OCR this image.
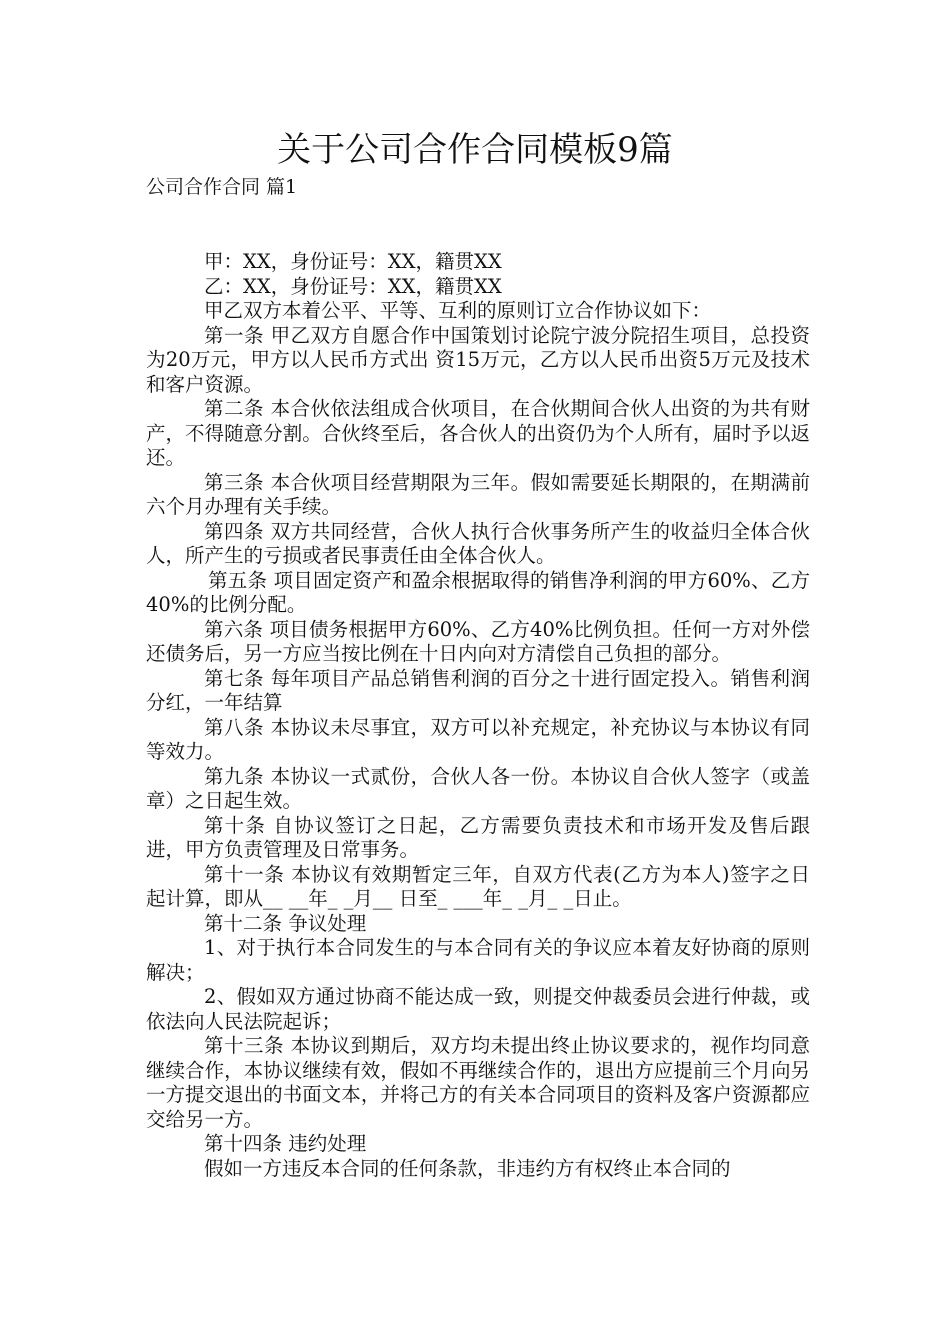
关于公司合作合同模板9篇
公司合作合同 篇1

甲：XX，身份证号：XX，籍贯XX

乙：XX，身份证号：XX，籍贯XX

甲乙双方本着公平、平等、互利的原则订立合作协议如下：

第一条 甲乙双方自愿合作中国策划讨论院宁波分院招生项目，总投资为20万元，甲方以人民币方式出 资15万元，乙方以人民币出资5万元及技术和客户资源。

第二条 本合伙依法组成合伙项目，在合伙期间合伙人出资的为共有财产，不得随意分割。合伙终至后，各合伙人的出资仍为个人所有，届时予以返还。

第三条 本合伙项目经营期限为三年。假如需要延长期限的，在期满前六个月办理有关手续。

第四条 双方共同经营，合伙人执行合伙事务所产生的收益归全体合伙人，所产生的亏损或者民事责任由全体合伙人。

第五条 项目固定资产和盈余根据取得的销售净利润的甲方60%、乙方40%的比例分配。

第六条 项目债务根据甲方60%、乙方40%比例负担。任何一方对外偿还债务后，另一方应当按比例在十日内向对方清偿自己负担的部分。

第七条 每年项目产品总销售利润的百分之十进行固定投入。销售利润分红，一年结算

第八条 本协议未尽事宜，双方可以补充规定，补充协议与本协议有同等效力。

第九条 本协议一式贰份，合伙人各一份。本协议自合伙人签字（或盖章）之日起生效。

第十条 自协议签订之日起，乙方需要负责技术和市场开发及售后跟进，甲方负责管理及日常事务。

第十一条 本协议有效期暂定三年，自双方代表(乙方为本人)签字之日起计算，即从__ __年_ _月__ 日至_ ___年_ _月_ _日止。

第十二条 争议处理

1、对于执行本合同发生的与本合同有关的争议应本着友好协商的原则解决；

2、假如双方通过协商不能达成一致，则提交仲裁委员会进行仲裁，或依法向人民法院起诉；

第十三条 本协议到期后，双方均未提出终止协议要求的，视作均同意继续合作，本协议继续有效，假如不再继续合作的，退出方应提前三个月向另一方提交退出的书面文本，并将己方的有关本合同项目的资料及客户资源都应交给另一方。

第十四条 违约处理

假如一方违反本合同的任何条款，非违约方有权终止本合同的
